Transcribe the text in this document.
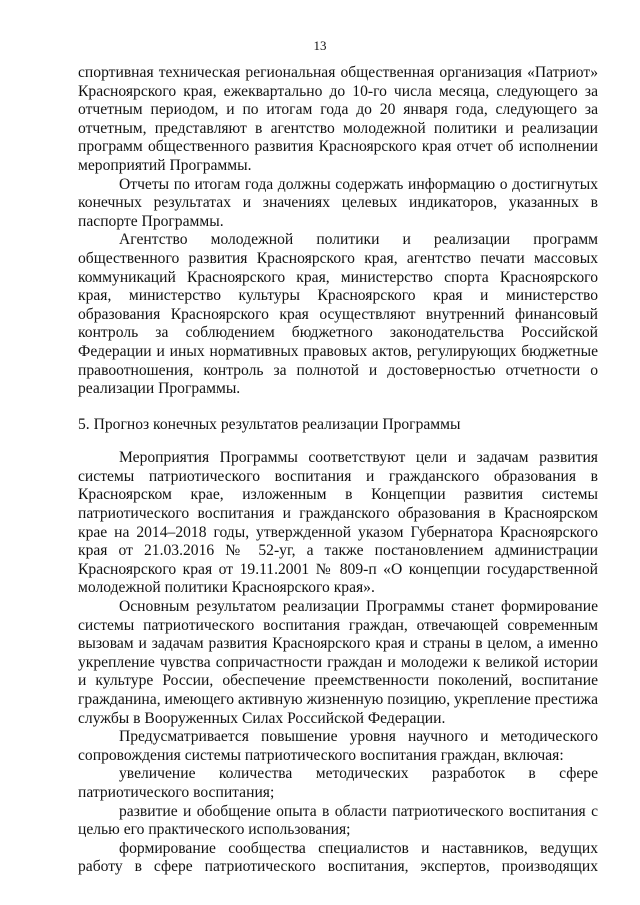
13

спортивная техническая региональная общественная организация «Патриот» Красноярского края, ежеквартально до 10-го числа месяца, следующего за отчетным периодом, и по итогам года до 20 января года, следующего за отчетным, представляют в агентство молодежной политики и реализации программ общественного развития Красноярского края отчет об исполнении мероприятий Программы.

Отчеты по итогам года должны содержать информацию о достигнутых конечных результатах и значениях целевых индикаторов, указанных в паспорте Программы.

Агентство молодежной политики и реализации программ общественного развития Красноярского края, агентство печати массовых коммуникаций Красноярского края, министерство спорта Красноярского края, министерство культуры Красноярского края и министерство образования Красноярского края осуществляют внутренний финансовый контроль за соблюдением бюджетного законодательства Российской Федерации и иных нормативных правовых актов, регулирующих бюджетные правоотношения, контроль за полнотой и достоверностью отчетности о реализации Программы.

5. Прогноз конечных результатов реализации Программы

Мероприятия Программы соответствуют цели и задачам развития системы патриотического воспитания и гражданского образования в Красноярском крае, изложенным в Концепции развития системы патриотического воспитания и гражданского образования в Красноярском крае на 2014–2018 годы, утвержденной указом Губернатора Красноярского края от 21.03.2016 № 52-уг, а также постановлением администрации Красноярского края от 19.11.2001 № 809-п «О концепции государственной молодежной политики Красноярского края».

Основным результатом реализации Программы станет формирование системы патриотического воспитания граждан, отвечающей современным вызовам и задачам развития Красноярского края и страны в целом, а именно укрепление чувства сопричастности граждан и молодежи к великой истории и культуре России, обеспечение преемственности поколений, воспитание гражданина, имеющего активную жизненную позицию, укрепление престижа службы в Вооруженных Силах Российской Федерации.

Предусматривается повышение уровня научного и методического сопровождения системы патриотического воспитания граждан, включая:

увеличение количества методических разработок в сфере патриотического воспитания;

развитие и обобщение опыта в области патриотического воспитания с целью его практического использования;

формирование сообщества специалистов и наставников, ведущих работу в сфере патриотического воспитания, экспертов, производящих
